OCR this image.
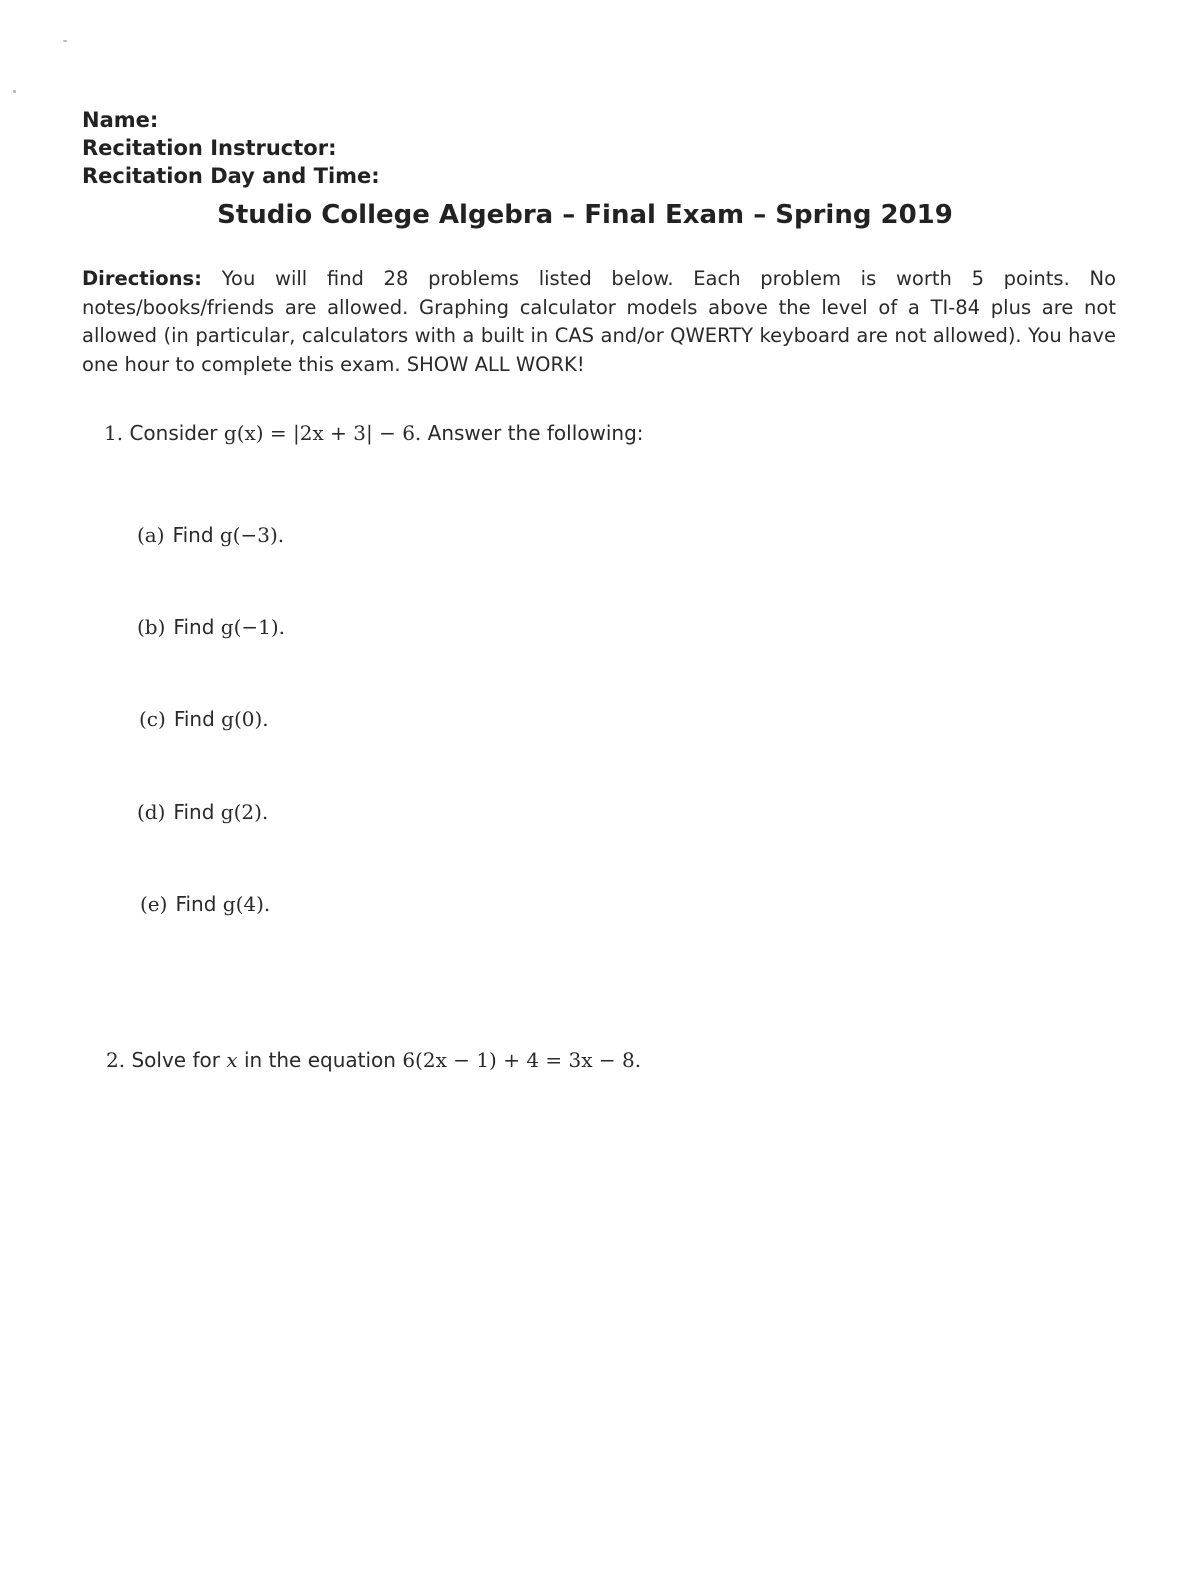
Name:
Recitation Instructor:
Recitation Day and Time:
Studio College Algebra – Final Exam – Spring 2019
Directions: You will find 28 problems listed below. Each problem is worth 5 points. No notes/books/friends are allowed. Graphing calculator models above the level of a TI-84 plus are not allowed (in particular, calculators with a built in CAS and/or QWERTY keyboard are not allowed). You have one hour to complete this exam. SHOW ALL WORK!
1. Consider g(x) = |2x + 3| − 6. Answer the following:
(a) Find g(−3).
(b) Find g(−1).
(c) Find g(0).
(d) Find g(2).
(e) Find g(4).
2. Solve for x in the equation 6(2x − 1) + 4 = 3x − 8.
